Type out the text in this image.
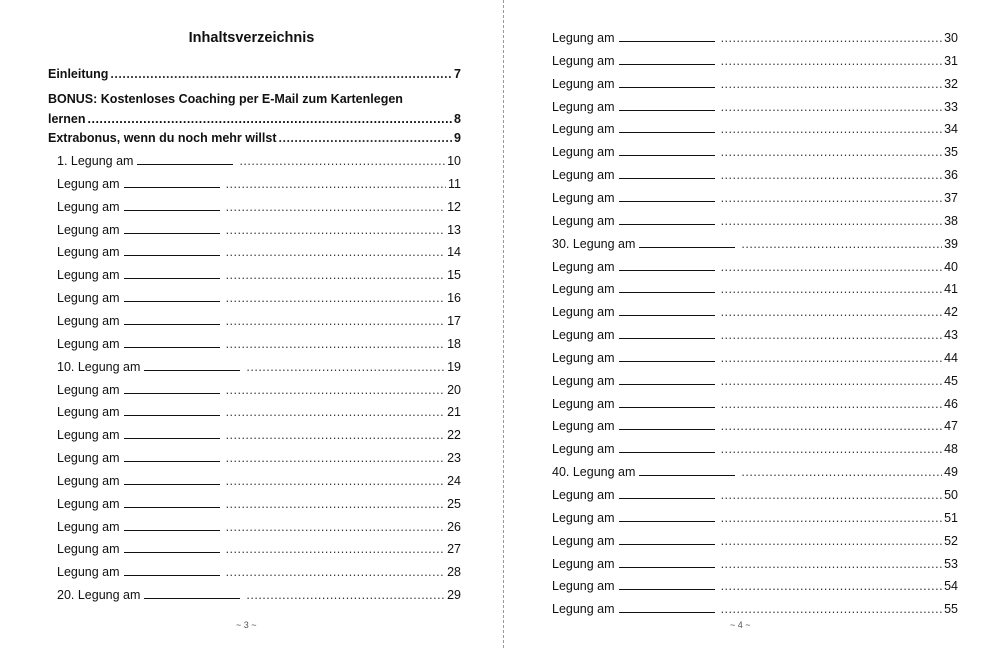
Inhaltsverzeichnis
Einleitung .....	7
BONUS: Kostenloses Coaching per E-Mail zum Kartenlegen
lernen .....	8
Extrabonus, wenn du noch mehr willst .....	9
1. Legung am .....	10
Legung am .....	11
Legung am .....	12
Legung am .....	13
Legung am .....	14
Legung am .....	15
Legung am .....	16
Legung am .....	17
Legung am .....	18
10. Legung am .....	19
Legung am .....	20
Legung am .....	21
Legung am .....	22
Legung am .....	23
Legung am .....	24
Legung am .....	25
Legung am .....	26
Legung am .....	27
Legung am .....	28
20. Legung am .....	29
~ 3 ~
Legung am .....	30
Legung am .....	31
Legung am .....	32
Legung am .....	33
Legung am .....	34
Legung am .....	35
Legung am .....	36
Legung am .....	37
Legung am .....	38
30. Legung am .....	39
Legung am .....	40
Legung am .....	41
Legung am .....	42
Legung am .....	43
Legung am .....	44
Legung am .....	45
Legung am .....	46
Legung am .....	47
Legung am .....	48
40. Legung am .....	49
Legung am .....	50
Legung am .....	51
Legung am .....	52
Legung am .....	53
Legung am .....	54
Legung am .....	55
~ 4 ~
